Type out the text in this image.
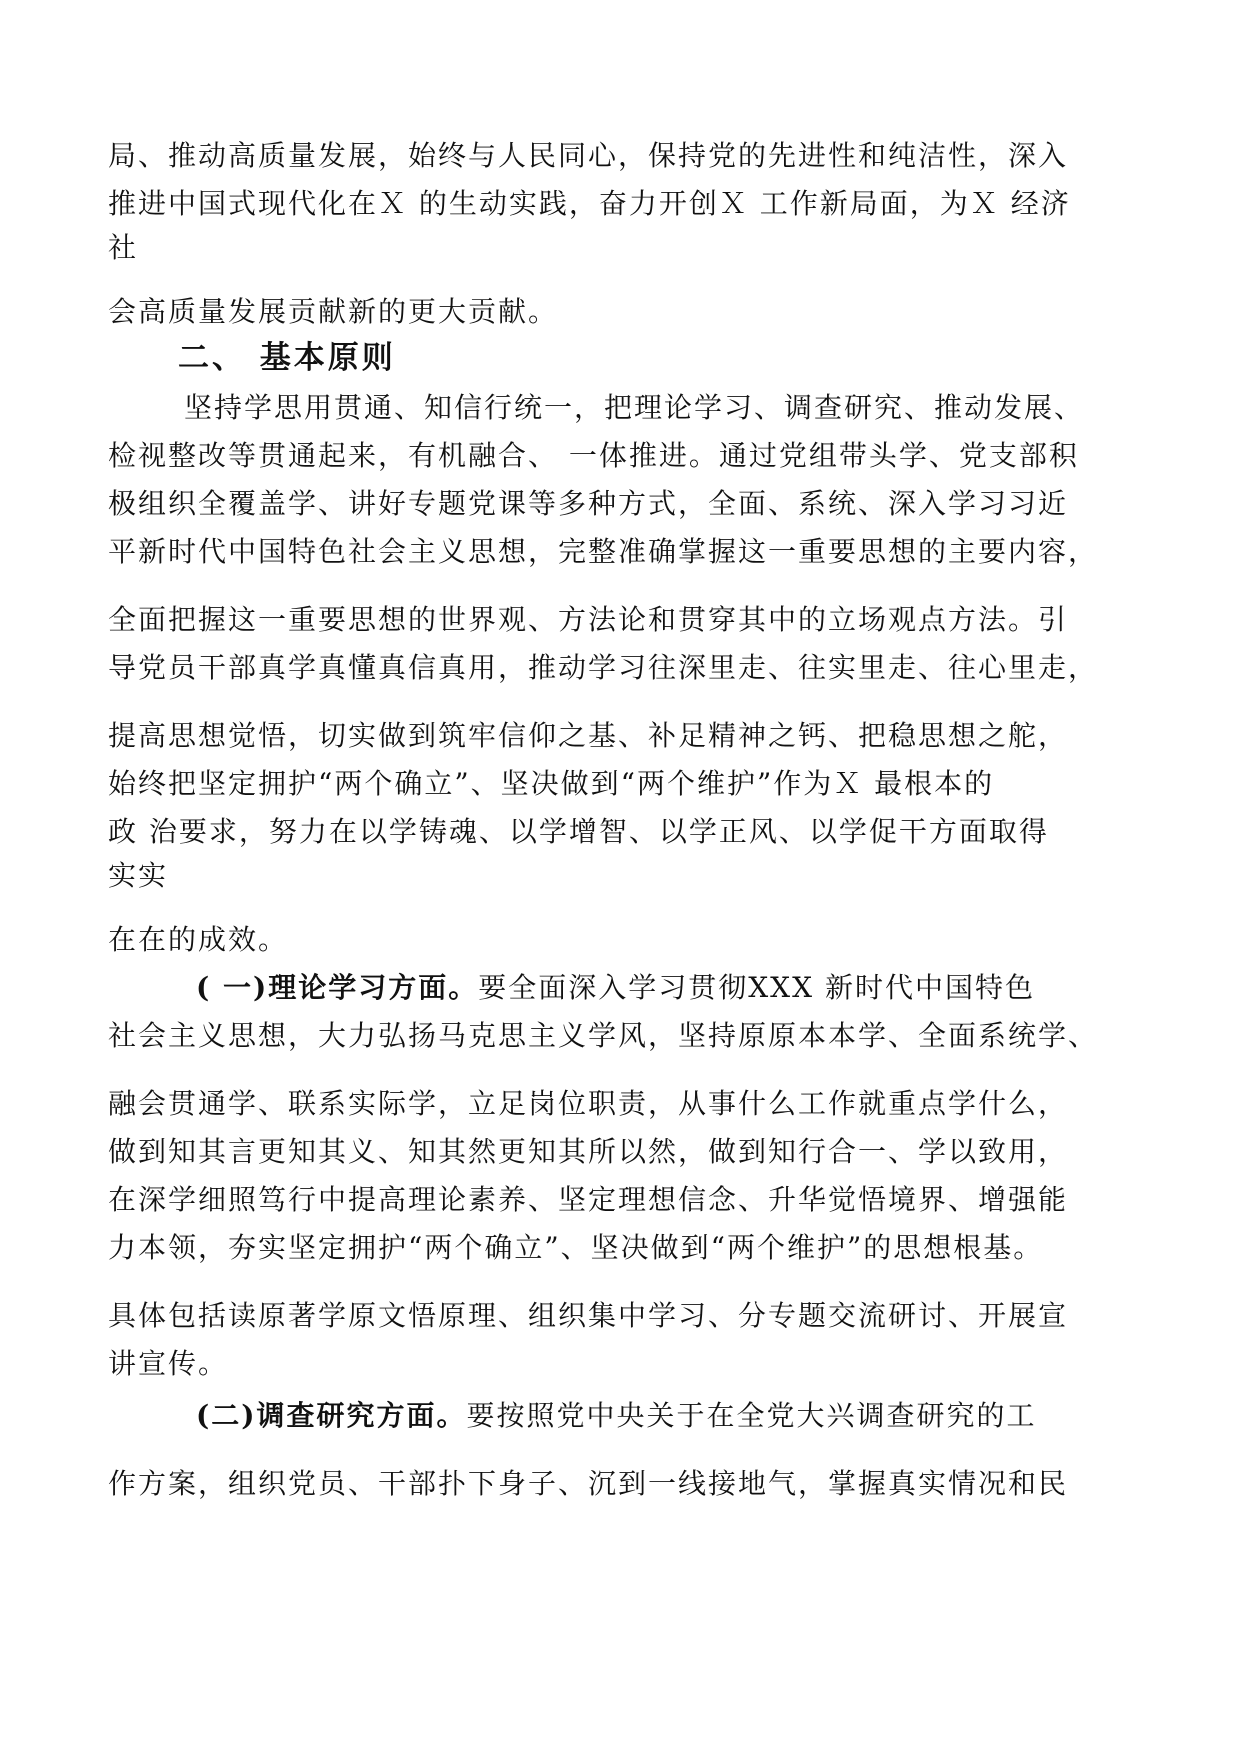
局、推动高质量发展，始终与人民同心，保持党的先进性和纯洁性，深入
推进中国式现代化在Ｘ 的生动实践，奋力开创Ｘ 工作新局面，为Ｘ 经济
社
会高质量发展贡献新的更大贡献。
二、 基本原则
坚持学思用贯通、知信行统一，把理论学习、调查研究、推动发展、
检视整改等贯通起来，有机融合、 一体推进。通过党组带头学、党支部积
极组织全覆盖学、讲好专题党课等多种方式，全面、系统、深入学习习近
平新时代中国特色社会主义思想，完整准确掌握这一重要思想的主要内容，
全面把握这一重要思想的世界观、方法论和贯穿其中的立场观点方法。引
导党员干部真学真懂真信真用，推动学习往深里走、往实里走、往心里走，
提高思想觉悟，切实做到筑牢信仰之基、补足精神之钙、把稳思想之舵，
始终把坚定拥护“两个确立”、坚决做到“两个维护”作为Ｘ 最根本的
政 治要求，努力在以学铸魂、以学增智、以学正风、以学促干方面取得
实实
在在的成效。
( 一)理论学习方面。要全面深入学习贯彻XXX 新时代中国特色
社会主义思想，大力弘扬马克思主义学风，坚持原原本本学、全面系统学、
融会贯通学、联系实际学，立足岗位职责，从事什么工作就重点学什么，
做到知其言更知其义、知其然更知其所以然，做到知行合一、学以致用，
在深学细照笃行中提高理论素养、坚定理想信念、升华觉悟境界、增强能
力本领，夯实坚定拥护“两个确立”、坚决做到“两个维护”的思想根基。
具体包括读原著学原文悟原理、组织集中学习、分专题交流研讨、开展宣
讲宣传。
(二)调查研究方面。要按照党中央关于在全党大兴调查研究的工
作方案，组织党员、干部扑下身子、沉到一线接地气，掌握真实情况和民
